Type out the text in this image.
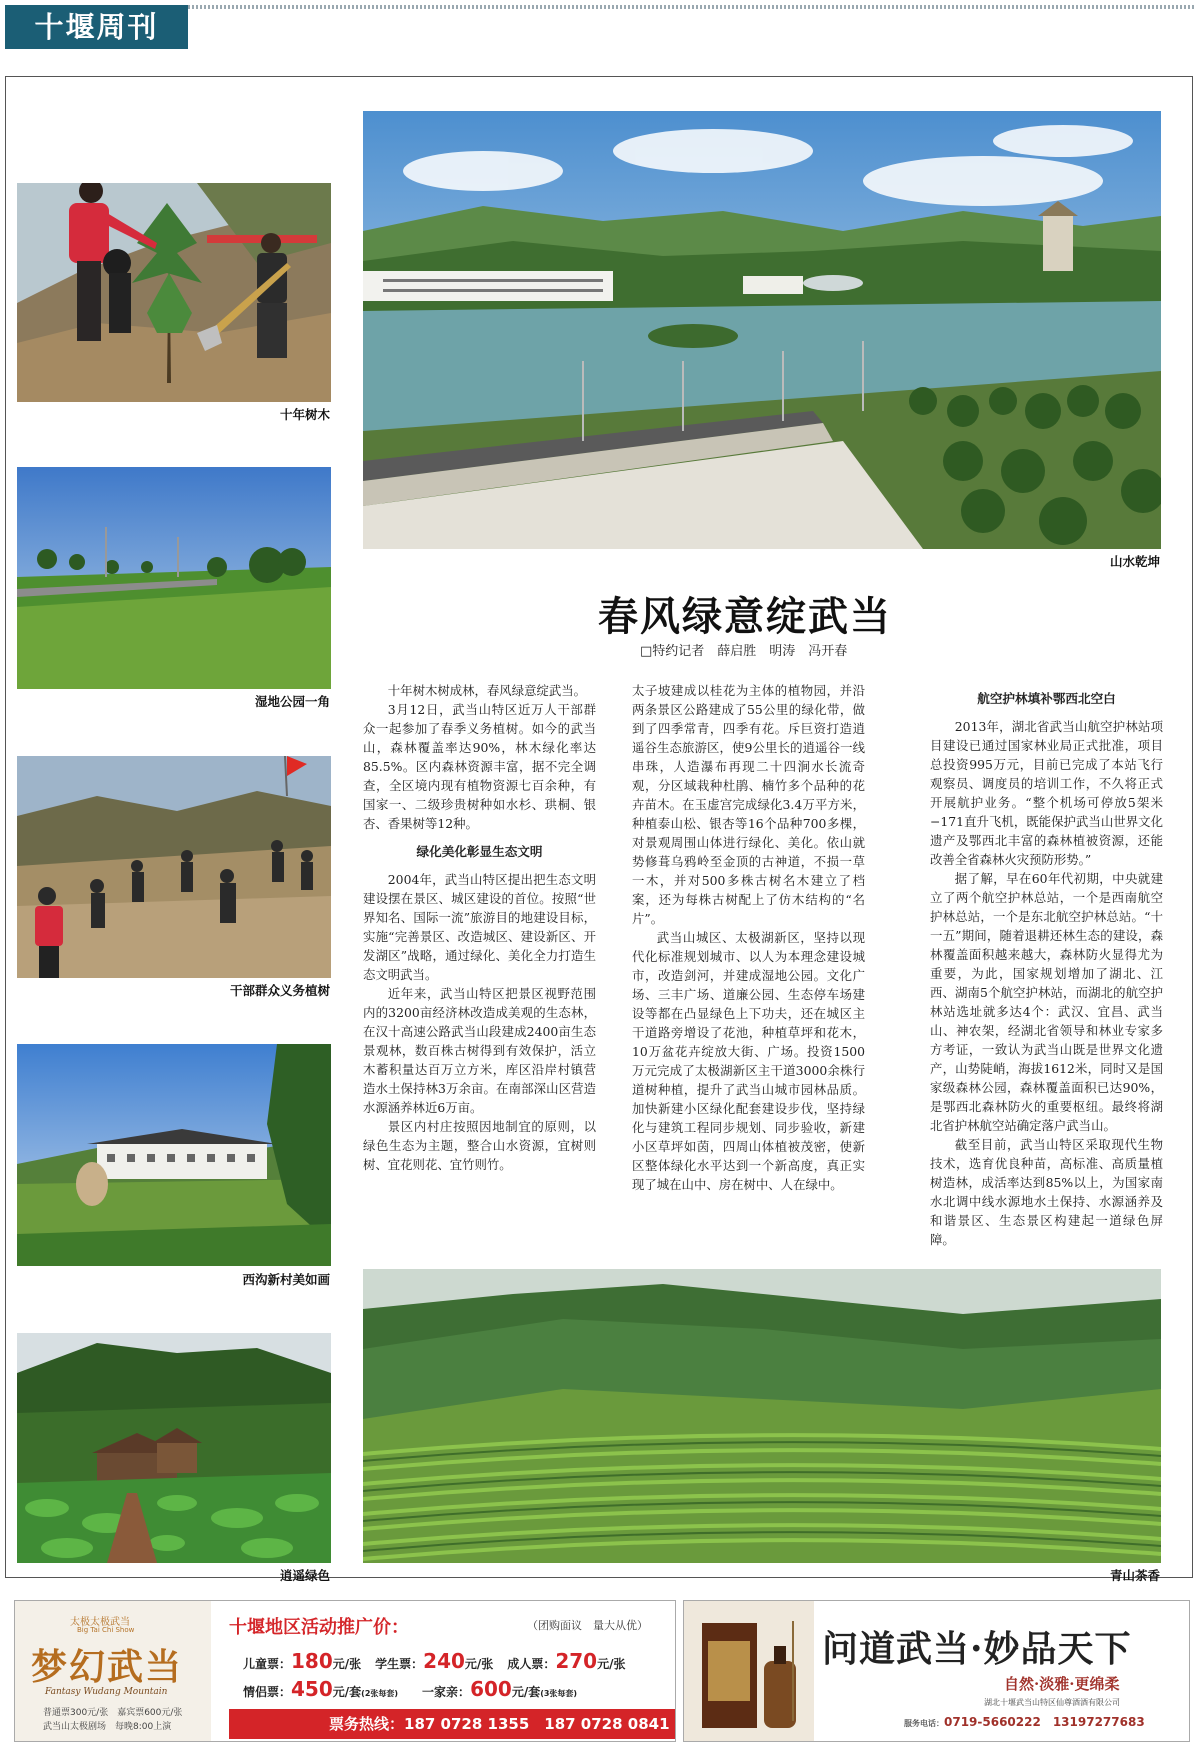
十堰周刊
十年树木
湿地公园一角
干部群众义务植树
西沟新村美如画
逍遥绿色
山水乾坤
春风绿意绽武当
□特约记者　薛启胜　明涛　冯开春

十年树木树成林，春风绿意绽武当。

3月12日，武当山特区近万人干部群众一起参加了春季义务植树。如今的武当山，森林覆盖率达90%，林木绿化率达85.5%。区内森林资源丰富，据不完全调查，全区境内现有植物资源七百余种，有国家一、二级珍贵树种如水杉、珙桐、银杏、香果树等12种。

绿化美化彰显生态文明

2004年，武当山特区提出把生态文明建设摆在景区、城区建设的首位。按照“世界知名、国际一流”旅游目的地建设目标，实施“完善景区、改造城区、建设新区、开发湖区”战略，通过绿化、美化全力打造生态文明武当。

近年来，武当山特区把景区视野范围内的3200亩经济林改造成美观的生态林，在汉十高速公路武当山段建成2400亩生态景观林，数百株古树得到有效保护，活立木蓄积量达百万立方米，库区沿岸村镇营造水土保持林3万余亩。在南部深山区营造水源涵养林近6万亩。

景区内村庄按照因地制宜的原则，以绿色生态为主题，整合山水资源，宜树则树、宜花则花、宜竹则竹。

太子坡建成以桂花为主体的植物园，并沿两条景区公路建成了55公里的绿化带，做到了四季常青，四季有花。斥巨资打造逍遥谷生态旅游区，使9公里长的逍遥谷一线串珠，人造瀑布再现二十四涧水长流奇观，分区域栽种杜鹃、楠竹多个品种的花卉苗木。在玉虚宫完成绿化3.4万平方米，种植泰山松、银杏等16个品种700多棵，对景观周围山体进行绿化、美化。依山就势修葺乌鸦岭至金顶的古神道，不损一草一木，并对500多株古树名木建立了档案，还为每株古树配上了仿木结构的“名片”。

武当山城区、太极湖新区，坚持以现代化标准规划城市、以人为本理念建设城市，改造剑河，并建成湿地公园。文化广场、三丰广场、道廉公园、生态停车场建设等都在凸显绿色上下功夫，还在城区主干道路旁增设了花池，种植草坪和花木，10万盆花卉绽放大街、广场。投资1500万元完成了太极湖新区主干道3000余株行道树种植，提升了武当山城市园林品质。加快新建小区绿化配套建设步伐，坚持绿化与建筑工程同步规划、同步验收，新建小区草坪如茵，四周山体植被茂密，使新区整体绿化水平达到一个新高度，真正实现了城在山中、房在树中、人在绿中。

航空护林填补鄂西北空白

2013年，湖北省武当山航空护林站项目建设已通过国家林业局正式批准，项目总投资995万元，目前已完成了本站飞行观察员、调度员的培训工作，不久将正式开展航护业务。“整个机场可停放5架米−171直升飞机，既能保护武当山世界文化遗产及鄂西北丰富的森林植被资源，还能改善全省森林火灾预防形势。”

据了解，早在60年代初期，中央就建立了两个航空护林总站，一个是西南航空护林总站，一个是东北航空护林总站。“十一五”期间，随着退耕还林生态的建设，森林覆盖面积越来越大，森林防火显得尤为重要，为此，国家规划增加了湖北、江西、湖南5个航空护林站，而湖北的航空护林站选址就多达4个：武汉、宜昌、武当山、神农架，经湖北省领导和林业专家多方考证，一致认为武当山既是世界文化遗产，山势陡峭，海拔1612米，同时又是国家级森林公园，森林覆盖面积已达90%，是鄂西北森林防火的重要枢纽。最终将湖北省护林航空站确定落户武当山。

截至目前，武当山特区采取现代生物技术，选育优良种苗，高标准、高质量植树造林，成活率达到85%以上，为国家南水北调中线水源地水土保持、水源涵养及和谐景区、生态景区构建起一道绿色屏障。

青山茶香
太极太极武当
Big Tai Chi Show
梦幻武当
Fantasy Wudang Mountain
普通票300元/张　嘉宾票600元/张
武当山太极剧场　每晚8:00上演
十堰地区活动推广价：	（团购面议　量大从优）
儿童票：180元/张 学生票：240元/张 成人票：270元/张
情侣票：450元/套(2张每套) 一家亲：600元/套(3张每套)
票务热线：187 0728 1355　187 0728 0841
问道武当·妙品天下
自然·淡雅·更绵柔
湖北十堰武当山特区仙尊酒酒有限公司
服务电话：0719-5660222　13197277683
